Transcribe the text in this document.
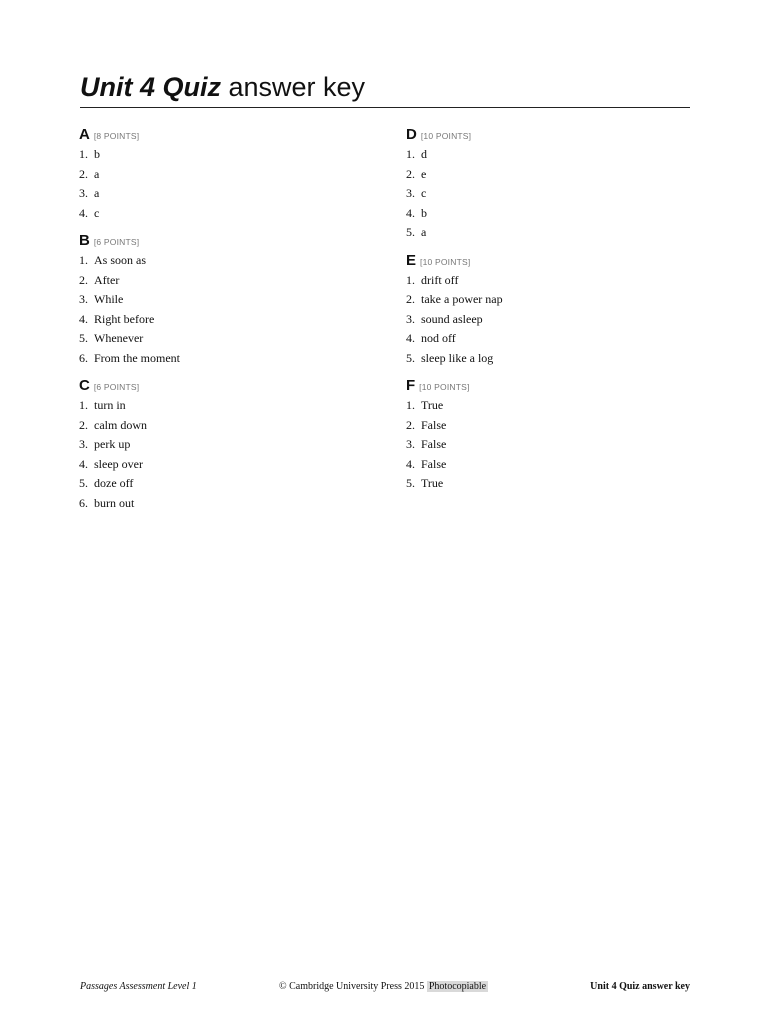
Unit 4 Quiz answer key
A [8 POINTS]
1. b
2. a
3. a
4. c
B [6 POINTS]
1. As soon as
2. After
3. While
4. Right before
5. Whenever
6. From the moment
C [6 POINTS]
1. turn in
2. calm down
3. perk up
4. sleep over
5. doze off
6. burn out
D [10 POINTS]
1. d
2. e
3. c
4. b
5. a
E [10 POINTS]
1. drift off
2. take a power nap
3. sound asleep
4. nod off
5. sleep like a log
F [10 POINTS]
1. True
2. False
3. False
4. False
5. True
Passages Assessment Level 1	© Cambridge University Press 2015 Photocopiable	Unit 4 Quiz answer key
